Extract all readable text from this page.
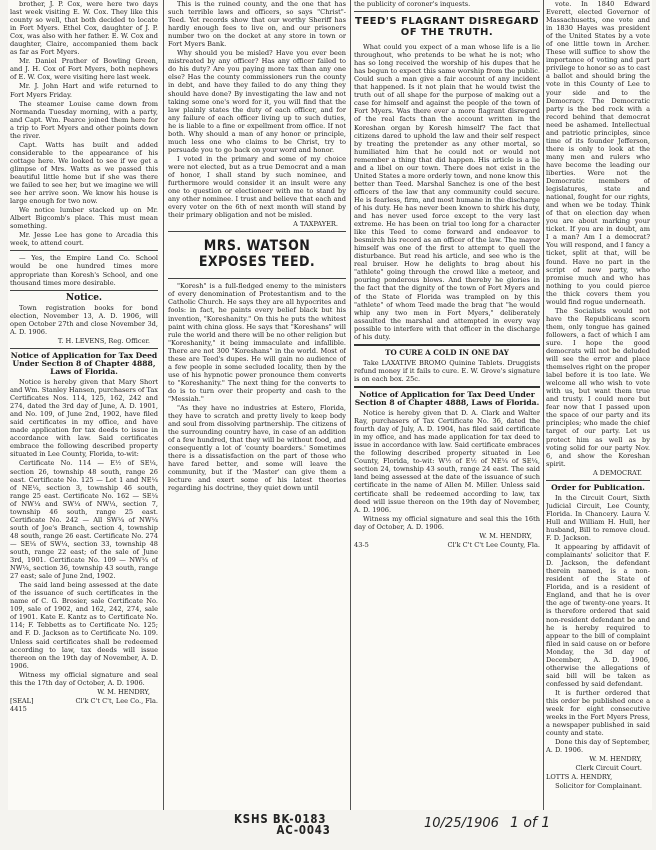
brother, J. P. Cox, were here two days last week visiting E. W. Cox. They like this county so well, that both decided to locate in Fort Myers. Ethel Cox, daughter of J. P. Cox, was also with her father. E. W. Cox and daughter, Claire, accompanied them back as far as Fort Myers.

Mr. Daniel Prather of Bowling Green, and J. H. Cox of Fort Myers, both nephews of E. W. Cox, were visiting here last week.

Mr. J. John Hart and wife returned to Fort Myers Friday.

The steamer Louise came down from Normanda Tuesday morning, with a party, and Capt. Wm. Pearce joined them here for a trip to Fort Myers and other points down the river.

Capt. Watts has built and added considerable to the appearance of his cottage here. We looked to see if we get a glimpse of Mrs. Watts as we passed this beautiful little home but if she was there we failed to see her, but we imagine we will see her arrive soon. We know his house is large enough for two now.

We notice lumber stacked up on Mr. Albert Bigcomb's place. This must mean something.

Mr. Jesse Lee has gone to Arcadia this week, to attend court.

— Yes, the Empire Land Co. School would be one hundred times more appropriate than Koresh's School, and one thousand times more desirable.

Notice.

Town registration books for bond election, November 13, A. D. 1906, will open October 27th and close November 3d, A. D. 1906.

T. H. LEVENS, Reg. Officer.
Notice of Application for Tax Deed Under Section 8 of Chapter 4888, Laws of Florida.

Notice is hereby given that Mary Short and Wm. Stanley Hansen, purchasers of Tax Certificates Nos. 114, 125, 162, 242 and 274, dated the 3rd day of June, A. D. 1901, and No. 109, of June 2nd, 1902, have filed said certificates in my office, and have made application for tax deeds to issue in accordance with law. Said certificates embrace the following described property situated in Lee County, Florida, to-wit:

Certificate No. 114 — E½ of SE¼, section 26, township 48 south, range 26 east. Certificate No. 125 — Lot 1 and NE¼ of NE¼, section 3, township 46 south, range 25 east. Certificate No. 162 — SE¼ of NW¼ and SW¼ of NW¼, section 7, township 46 south, range 25 east. Certificate No. 242 — All SW¼ of NW¼ south of Joe's Branch, section 4, township 48 south, range 26 east. Certificate No. 274 — SE¼ of SW¼, section 33, township 48 south, range 22 east; of the sale of June 3rd, 1901. Certificate No. 109 — NW¼ of NW¼, section 36, township 43 south, range 27 east; sale of June 2nd, 1902.

The said land being assessed at the date of the issuance of such certificates in the name of C. G. Brosier, sale Certificate No. 109, sale of 1902, and 162, 242, 274, sale of 1901. Kate E. Kantz as to Certificate No. 114; F. Tebbetts as to Certificate No. 125; and F. D. Jackson as to Certificate No. 109. Unless said certificates shall be redeemed according to law, tax deeds will issue thereon on the 19th day of November, A. D. 1906.

Witness my official signature and seal this the 17th day of October, A. D. 1906.

W. M. HENDRY,
[SEAL]	Cl'k C't C't, Lee Co., Fla.
4415

This is the ruined county, and the one that has such terrible laws and officers, so says "Christ"-Teed. Yet records show that our worthy Sheriff has hardly enough fees to live on, and our prisoners number two on the docket at any store in town or Fort Myers Bank.

Why should you be misled? Have you ever been mistreated by any officer? Has any officer failed to do his duty? Are you paying more tax than any one else? Has the county commissioners run the county in debt, and have they failed to do any thing they should have done? By investigating the law and not taking some one's word for it, you will find that the law plainly states the duty of each officer, and for any failure of each officer living up to such duties, he is liable to a fine or expellment from office. If not both. Why should a man of any honor or principle, much less one who claims to be Christ, try to persuade you to go back on your word and honor.

I voted in the primary and some of my choice were not elected, but as a true Democrat and a man of honor, I shall stand by such nominee, and furthermore would consider it an insult were any one to question or electioneer with me to stand by any other nominee. I trust and believe that each and every voter on the 6th of next month will stand by their primary obligation and not be misled.

A TAXPAYER.
MRS. WATSON EXPOSES TEED.

"Koresh" is a full-fledged enemy to the ministers of every denomination of Protestantism and to the Catholic Church. He says they are all hypocrites and fools: in fact, he paints every belief black but his invention, "Koreshanity." On this he puts the whitest paint with china gloss. He says that "Koreshans" will rule the world and there will be no other religion but "Koreshanity," it being immaculate and infallible. There are not 300 "Koreshans" in the world. Most of these are Teed's dupes. He will gain no audience of a few people in some secluded locality, then by the use of his hypnotic power pronounce them converts to "Koreshanity." The next thing for the converts to do is to turn over their property and cash to the "Messiah."

"As they have no industries at Estero, Florida, they have to scratch and pretty lively to keep body and soul from dissolving partnership. The citizens of the surrounding country have, in case of an addition of a few hundred, that they will be without food, and consequently a lot of 'county boarders.' Sometimes there is a dissatisfaction on the part of those who have fared better, and some will leave the community, but if the 'Master' can give them a lecture and exert some of his latest theories regarding his doctrine, they quiet down until

the publicity of coroner's inquests.

TEED'S FLAGRANT DISREGARD OF THE TRUTH.

What could you expect of a man whose life is a lie throughout, who pretends to be what he is not; who has so long received the worship of his dupes that he has begun to expect this same worship from the public. Could such a man give a fair account of any incident that happened. Is it not plain that he would twist the truth out of all shape for the purpose of making out a case for himself and against the people of the town of Fort Myers. Was there ever a more flagrant disregard of the real facts than the account written in the Koreshan organ by Koresh himself? The fact that citizens dared to uphold the law and their self respect by treating the pretender as any other mortal, so humiliated him that he could not or would not remember a thing that did happen. His article is a lie and a libel on our town. There does not exist in the United States a more orderly town, and none know this better than Teed. Marshal Sanchez is one of the best officers of the law that any community could secure. He is fearless, firm, and most humane in the discharge of his duty. He has never been known to shirk his duty, and has never used force except to the very last extreme. He has been on trial too long for a character like this Teed to come forward and endeavor to besmirch his record as an officer of the law. The mayor himself was one of the first to attempt to quell the disturbance. But read his article, and see who is the real bruiser. How he delights to brag about his "athlete" going through the crowd like a meteor, and pouring ponderous blows. And thereby he glories in the fact that the dignity of the town of Fort Myers and of the State of Florida was trampled on by this "athlete" of whom Teed made the brag that "he would whip any two men in Fort Myers," deliberately assaulted the marshal and attempted in every way possible to interfere with that officer in the discharge of his duty.

TO CURE A COLD IN ONE DAY

Take LAXATIVE BROMO Quinine Tablets. Druggists refund money if it fails to cure. E. W. Grove's signature is on each box. 25c.

Notice of Application for Tax Deed Under Section 8 of Chapter 4888, Laws of Florida.

Notice is hereby given that D. A. Clark and Walter Ray, purchasers of Tax Certificate No. 36, dated the fourth day of July, A. D. 1904, has filed said certificate in my office, and has made application for tax deed to issue in accordance with law. Said certificate embraces the following described property situated in Lee County, Florida, to-wit: W½ of E½ of NE¼ of SE¼, section 24, township 43 south, range 24 east. The said land being assessed at the date of the issuance of such certificate in the name of Allen M. Miller. Unless said certificate shall be redeemed according to law, tax deed will issue thereon on the 19th day of November, A. D. 1906.

Witness my official signature and seal this the 16th day of October, A. D. 1906.

W. M. HENDRY,
43-5	Cl'k C't C't Lee County, Fla.

vote. In 1840 Edward Everett, elected Governor of Massachusetts, one vote and in 1830 Hayes was president of the United States by a vote of one little town in Archer. These will suffice to show the importance of voting and part privilege to honor so as to cast a ballot and should bring the vote in this County of Lee to your side and to the Democracy. The Democratic party is the bed rock with a record behind that democrat need be ashamed. Intellectual and patriotic principles, since time of its founder Jefferson, there is only to look at the many men and rulers who have become the leading our liberties. Were not the Democratic members of legislatures, state and national, fought for our rights, and when we be today. Think of that on election day when you are about marking your ticket. If you are in doubt, am I a man? Am I a democrat? You will respond, and I fancy a ticket, split at that, will be found. Have no part in the script of new party, who promise much and who has nothing to you could pierce the thick covers them you would find rogue underneath.

The Socialists would not have the Republicans scorn them, only tongue has gained followers, a fact of which I am sure. I hope the good democrats will not be deluded will see the error and place themselves right on the proper label before it is too late. We welcome all who wish to vote with us, but want them true and trusty. I could more but fear now that I passed upon the space of our party and its principles; who made the chief target of our party. Let us protect him as well as by voting solid for our party Nov. 6, and show the Koreshan spirit.

A DEMOCRAT.
Order for Publication.

In the Circuit Court, Sixth Judicial Circuit, Lee County, Florida. In Chancery. Laura V. Hull and William H. Hull, her husband, Bill to remove cloud. F. D. Jackson.

It appearing by affidavit of complainants' solicitor that F. D. Jackson, the defendant therein named, is a non-resident of the State of Florida, and is a resident of England, and that he is over the age of twenty-one years. It is therefore ordered that said non-resident defendant be and he is hereby required to appear to the bill of complaint filed in said cause on or before Monday, the 3d day of December, A. D. 1906, otherwise the allegations of said bill will be taken as confessed by said defendant.

It is further ordered that this order be published once a week for eight consecutive weeks in the Fort Myers Press, a newspaper published in said county and state.

Done this day of September, A. D. 1906.

W. M. HENDRY,
Clerk Circuit Court.
LOTTS A. HENDRY,
Solicitor for Complainant.
KSHS BK-0183
AC-0043	10/25/1906 1 of 1
